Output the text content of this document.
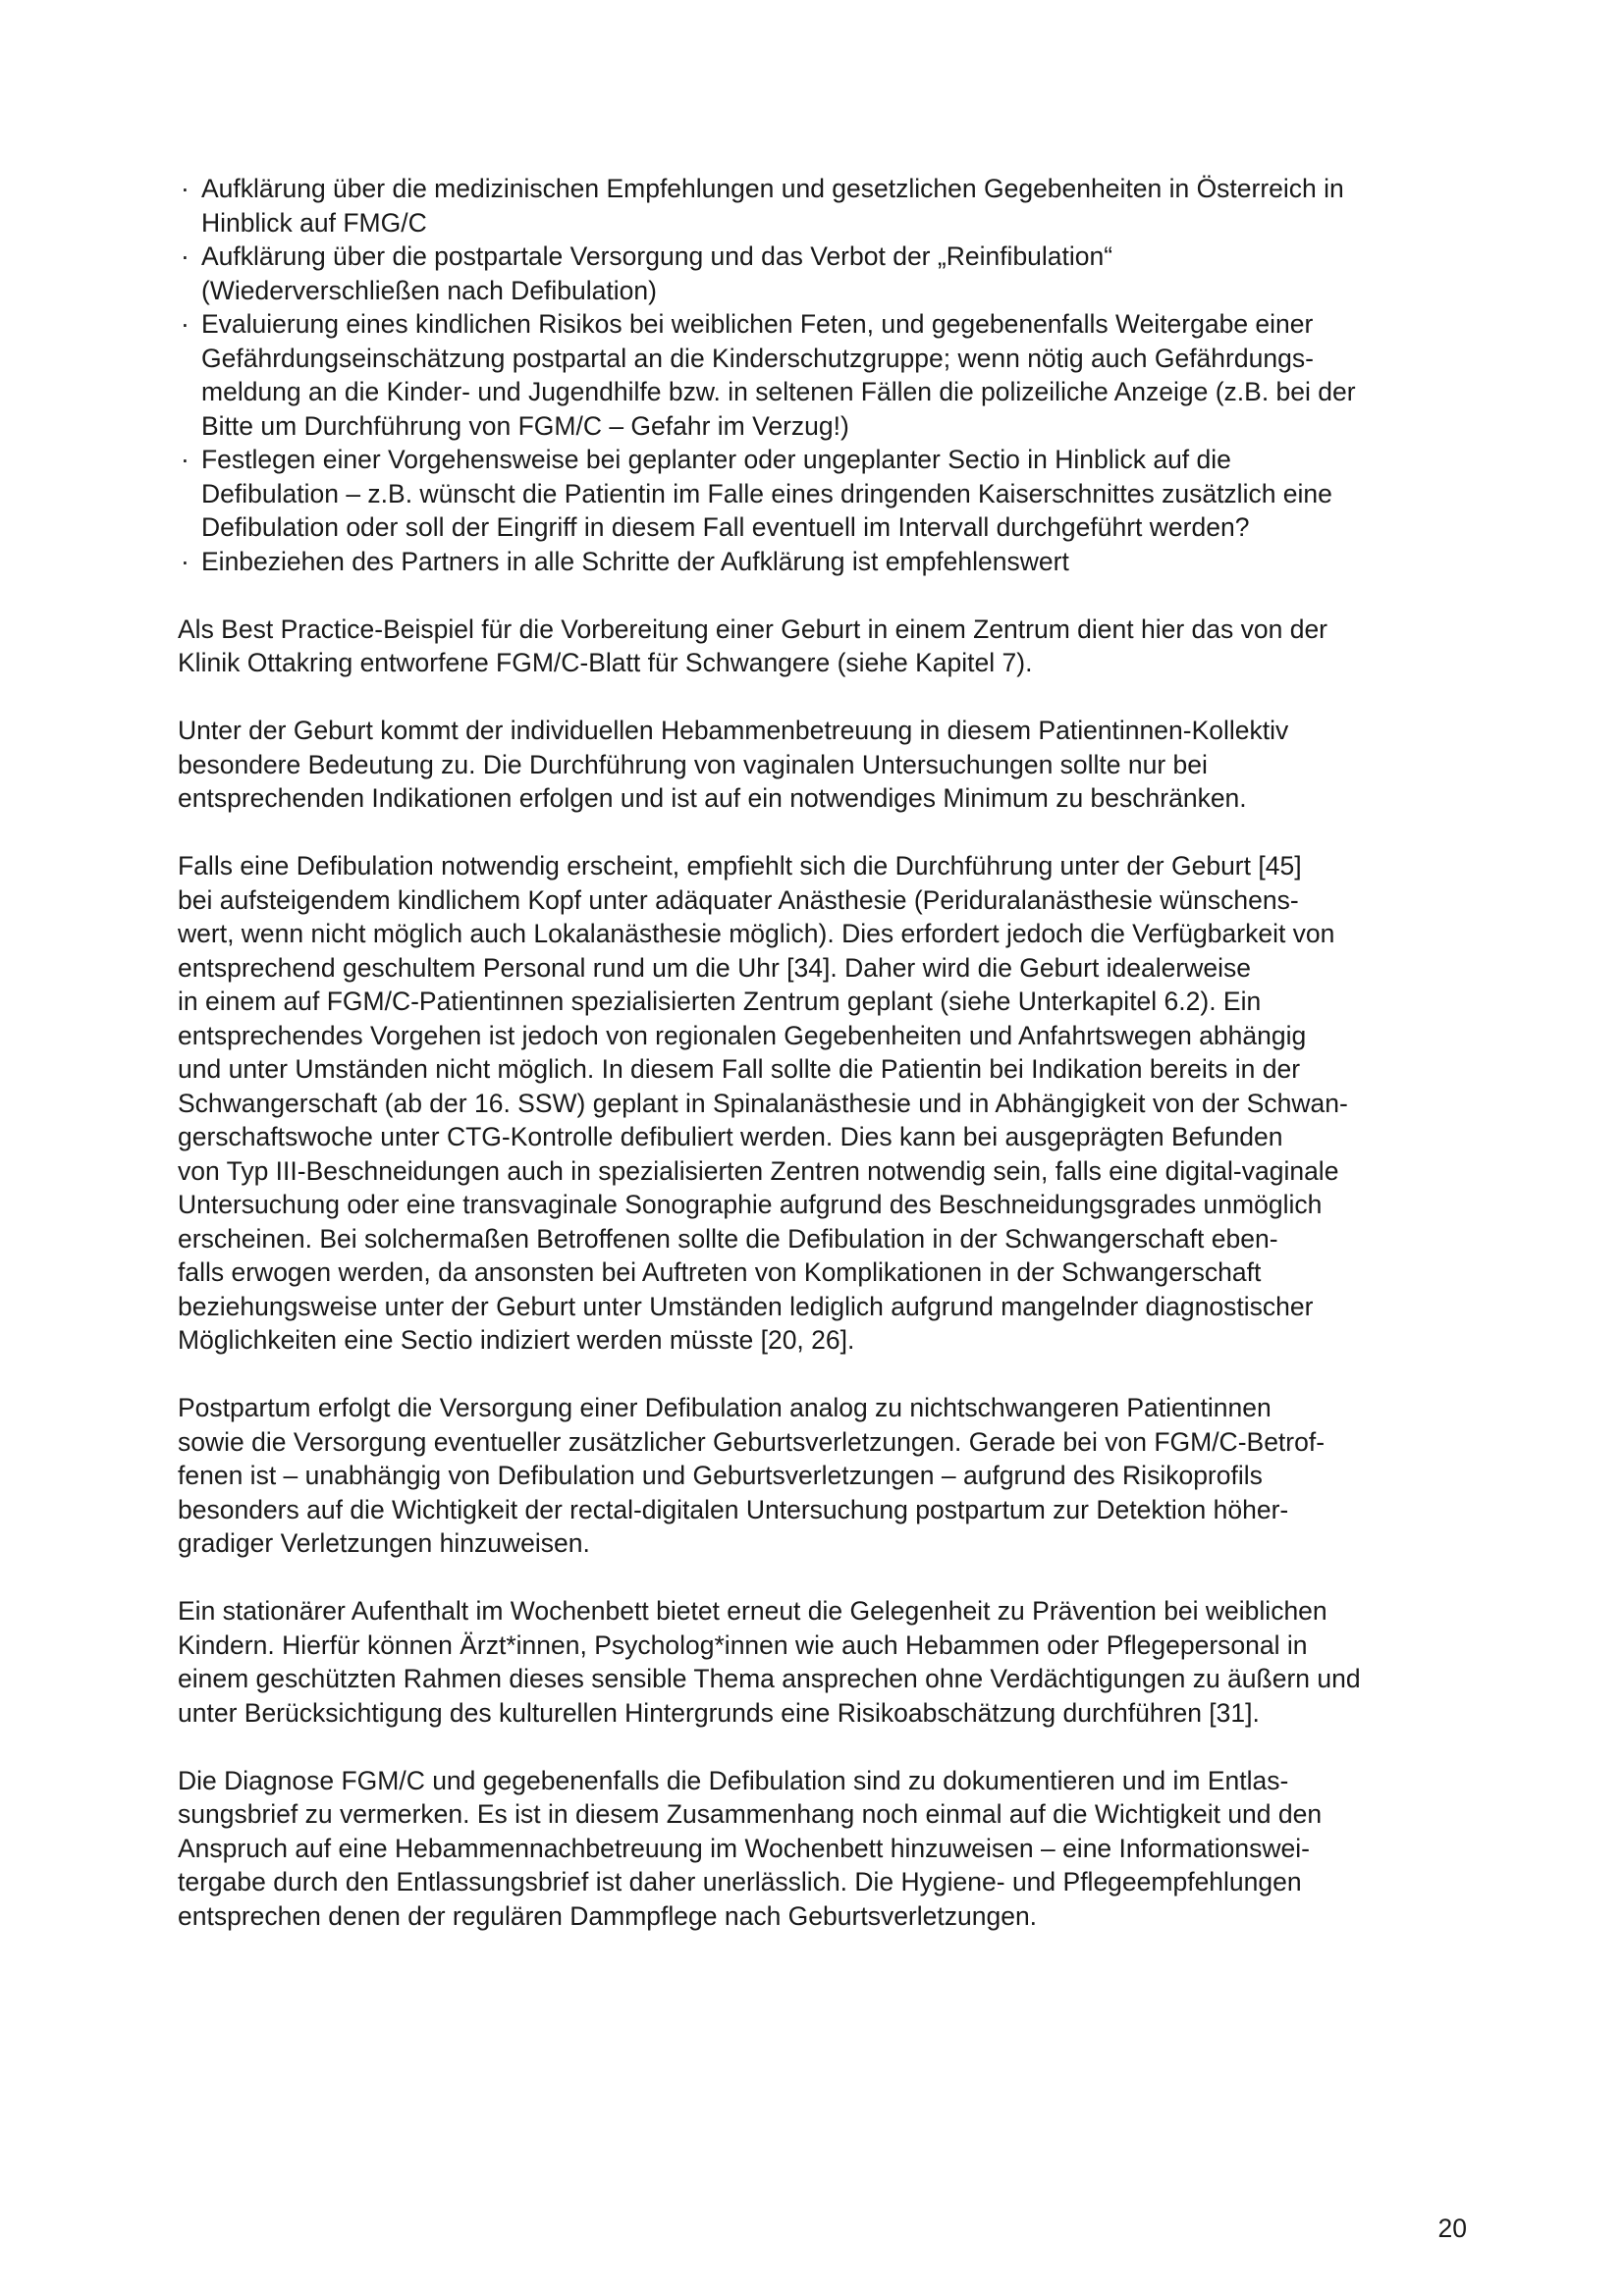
· Aufklärung über die medizinischen Empfehlungen und gesetzlichen Gegebenheiten in Österreich in
Hinblick auf FMG/C

· Aufklärung über die postpartale Versorgung und das Verbot der „Reinfibulation“
(Wiederverschließen nach Defibulation)

· Evaluierung eines kindlichen Risikos bei weiblichen Feten, und gegebenenfalls Weitergabe einer
Gefährdungseinschätzung postpartal an die Kinderschutzgruppe; wenn nötig auch Gefährdungs-
meldung an die Kinder- und Jugendhilfe bzw. in seltenen Fällen die polizeiliche Anzeige (z.B. bei der
Bitte um Durchführung von FGM/C – Gefahr im Verzug!)

· Festlegen einer Vorgehensweise bei geplanter oder ungeplanter Sectio in Hinblick auf die
Defibulation – z.B. wünscht die Patientin im Falle eines dringenden Kaiserschnittes zusätzlich eine
Defibulation oder soll der Eingriff in diesem Fall eventuell im Intervall durchgeführt werden?

· Einbeziehen des Partners in alle Schritte der Aufklärung ist empfehlenswert

Als Best Practice-Beispiel für die Vorbereitung einer Geburt in einem Zentrum dient hier das von der
Klinik Ottakring entworfene FGM/C-Blatt für Schwangere (siehe Kapitel 7).

Unter der Geburt kommt der individuellen Hebammenbetreuung in diesem Patientinnen-Kollektiv
besondere Bedeutung zu. Die Durchführung von vaginalen Untersuchungen sollte nur bei
entsprechenden Indikationen erfolgen und ist auf ein notwendiges Minimum zu beschränken.

Falls eine Defibulation notwendig erscheint, empfiehlt sich die Durchführung unter der Geburt [45]
bei aufsteigendem kindlichem Kopf unter adäquater Anästhesie (Periduralanästhesie wünschens-
wert, wenn nicht möglich auch Lokalanästhesie möglich). Dies erfordert jedoch die Verfügbarkeit von
entsprechend geschultem Personal rund um die Uhr [34]. Daher wird die Geburt idealerweise
in einem auf FGM/C-Patientinnen spezialisierten Zentrum geplant (siehe Unterkapitel 6.2). Ein
entsprechendes Vorgehen ist jedoch von regionalen Gegebenheiten und Anfahrtswegen abhängig
und unter Umständen nicht möglich. In diesem Fall sollte die Patientin bei Indikation bereits in der
Schwangerschaft (ab der 16. SSW) geplant in Spinalanästhesie und in Abhängigkeit von der Schwan-
gerschaftswoche unter CTG-Kontrolle defibuliert werden. Dies kann bei ausgeprägten Befunden
von Typ III-Beschneidungen auch in spezialisierten Zentren notwendig sein, falls eine digital-vaginale
Untersuchung oder eine transvaginale Sonographie aufgrund des Beschneidungsgrades unmöglich
erscheinen. Bei solchermaßen Betroffenen sollte die Defibulation in der Schwangerschaft eben-
falls erwogen werden, da ansonsten bei Auftreten von Komplikationen in der Schwangerschaft
beziehungsweise unter der Geburt unter Umständen lediglich aufgrund mangelnder diagnostischer
Möglichkeiten eine Sectio indiziert werden müsste [20, 26].

Postpartum erfolgt die Versorgung einer Defibulation analog zu nichtschwangeren Patientinnen
sowie die Versorgung eventueller zusätzlicher Geburtsverletzungen. Gerade bei von FGM/C-Betrof-
fenen ist – unabhängig von Defibulation und Geburtsverletzungen – aufgrund des Risikoprofils
besonders auf die Wichtigkeit der rectal-digitalen Untersuchung postpartum zur Detektion höher-
gradiger Verletzungen hinzuweisen.

Ein stationärer Aufenthalt im Wochenbett bietet erneut die Gelegenheit zu Prävention bei weiblichen
Kindern. Hierfür können Ärzt*innen, Psycholog*innen wie auch Hebammen oder Pflegepersonal in
einem geschützten Rahmen dieses sensible Thema ansprechen ohne Verdächtigungen zu äußern und
unter Berücksichtigung des kulturellen Hintergrunds eine Risikoabschätzung durchführen [31].

Die Diagnose FGM/C und gegebenenfalls die Defibulation sind zu dokumentieren und im Entlas-
sungsbrief zu vermerken. Es ist in diesem Zusammenhang noch einmal auf die Wichtigkeit und den
Anspruch auf eine Hebammennachbetreuung im Wochenbett hinzuweisen – eine Informationswei-
tergabe durch den Entlassungsbrief ist daher unerlässlich. Die Hygiene- und Pflegeempfehlungen
entsprechen denen der regulären Dammpflege nach Geburtsverletzungen.

20
